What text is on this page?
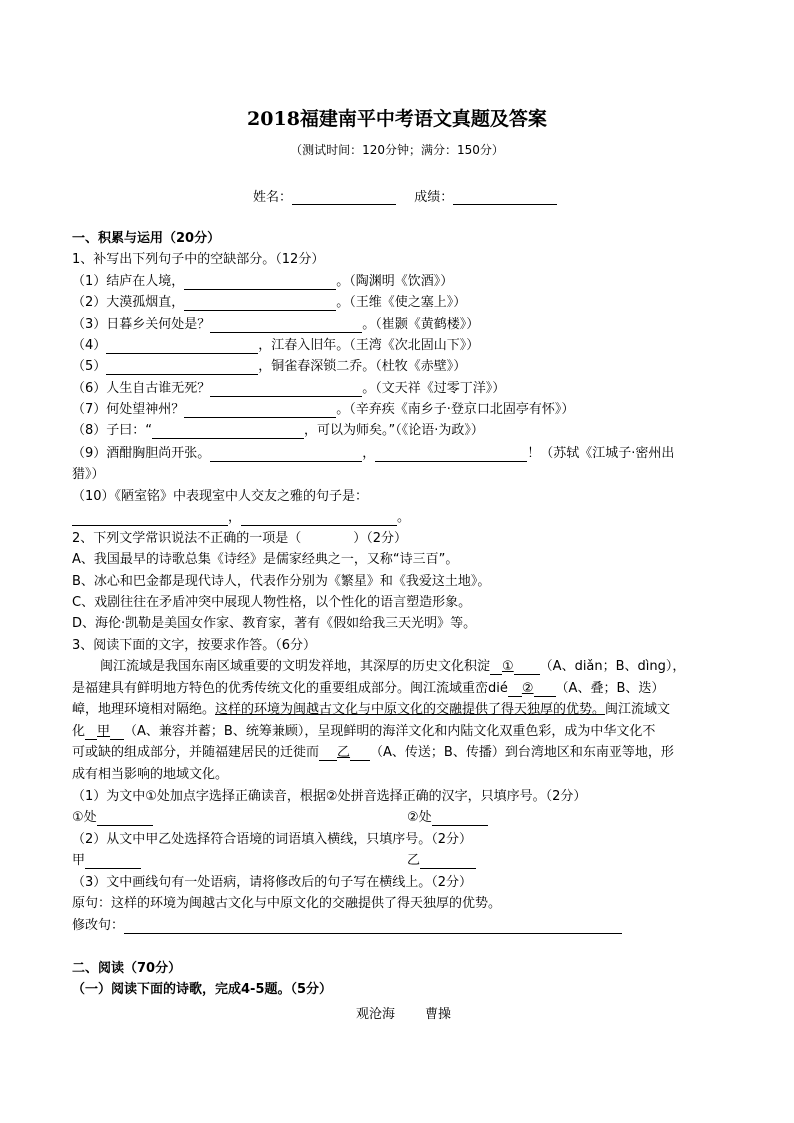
2018福建南平中考语文真题及答案
（测试时间：120分钟；满分：150分）
姓名：	成绩：
一、积累与运用（20分）
1、补写出下列句子中的空缺部分。（12分）
（1）结庐在人境，	。（陶渊明《饮酒》）
（2）大漠孤烟直，	。（王维《使之塞上》）
（3）日暮乡关何处是？	。（崔颢《黄鹤楼》）
（4）	，江春入旧年。（王湾《次北固山下》）
（5）	，铜雀春深锁二乔。（杜牧《赤壁》）
（6）人生自古谁无死？	。（文天祥《过零丁洋》）
（7）何处望神州？	。（辛弃疾《南乡子·登京口北固亭有怀》）
（8）子曰：“	，可以为师矣。”（《论语·为政》）
（9）酒酣胸胆尚开张。	，	！（苏轼《江城子·密州出
猎》）
（10）《陋室铭》中表现室中人交友之雅的句子是：
，	。
2、下列文学常识说法不正确的一项是（　　　　）（2分）
A、我国最早的诗歌总集《诗经》是儒家经典之一，又称“诗三百”。
B、冰心和巴金都是现代诗人，代表作分别为《繁星》和《我爱这土地》。
C、戏剧往往在矛盾冲突中展现人物性格，以个性化的语言塑造形象。
D、海伦·凯勒是美国女作家、教育家，著有《假如给我三天光明》等。
3、阅读下面的文字，按要求作答。（6分）
闽江流域是我国东南区域重要的文明发祥地，其深厚的历史文化积淀 ① （A、diǎn；B、dìng），
是福建具有鲜明地方特色的优秀传统文化的重要组成部分。闽江流域重峦dié ② （A、叠；B、迭）
嶂，地理环境相对隔绝。这样的环境为闽越古文化与中原文化的交融提供了得天独厚的优势。闽江流域文
化 甲 （A、兼容并蓄；B、统筹兼顾），呈现鲜明的海洋文化和内陆文化双重色彩，成为中华文化不
可或缺的组成部分，并随福建居民的迁徙而 乙 （A、传送；B、传播）到台湾地区和东南亚等地，形
成有相当影响的地域文化。
（1）为文中①处加点字选择正确读音，根据②处拼音选择正确的汉字，只填序号。（2分）
①处	②处
（2）从文中甲乙处选择符合语境的词语填入横线，只填序号。（2分）
甲	乙
（3）文中画线句有一处语病，请将修改后的句子写在横线上。（2分）
原句：这样的环境为闽越古文化与中原文化的交融提供了得天独厚的优势。
修改句：
二、阅读（70分）
（一）阅读下面的诗歌，完成4-5题。（5分）
观沧海 曹操
